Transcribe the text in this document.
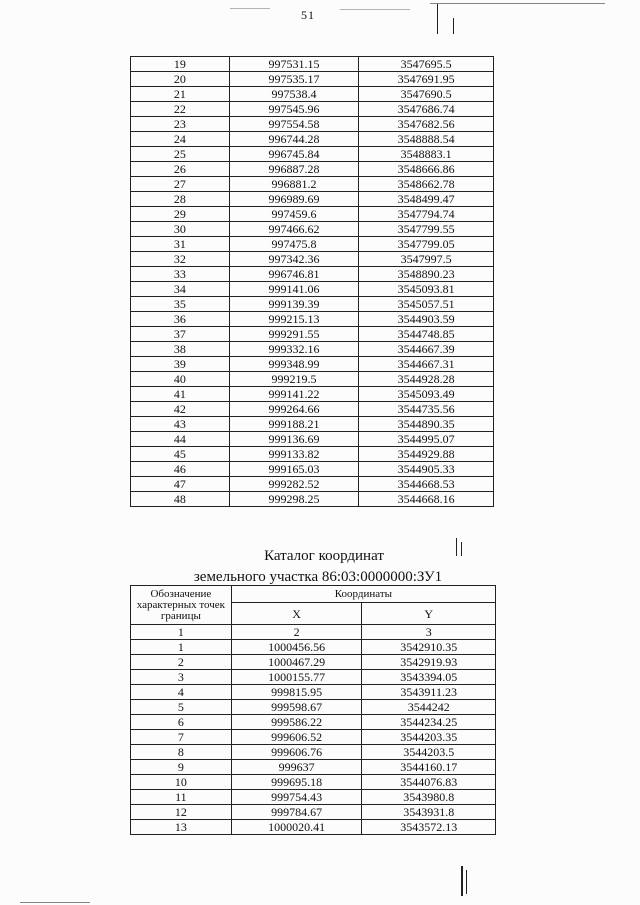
51
19	997531.15	3547695.5
20	997535.17	3547691.95
21	997538.4	3547690.5
22	997545.96	3547686.74
23	997554.58	3547682.56
24	996744.28	3548888.54
25	996745.84	3548883.1
26	996887.28	3548666.86
27	996881.2	3548662.78
28	996989.69	3548499.47
29	997459.6	3547794.74
30	997466.62	3547799.55
31	997475.8	3547799.05
32	997342.36	3547997.5
33	996746.81	3548890.23
34	999141.06	3545093.81
35	999139.39	3545057.51
36	999215.13	3544903.59
37	999291.55	3544748.85
38	999332.16	3544667.39
39	999348.99	3544667.31
40	999219.5	3544928.28
41	999141.22	3545093.49
42	999264.66	3544735.56
43	999188.21	3544890.35
44	999136.69	3544995.07
45	999133.82	3544929.88
46	999165.03	3544905.33
47	999282.52	3544668.53
48	999298.25	3544668.16
Каталог координат
земельного участка 86:03:0000000:ЗУ1
Обозначение характерных точек границы	Координаты	
	X	Y
1	2	3
1	1000456.56	3542910.35
2	1000467.29	3542919.93
3	1000155.77	3543394.05
4	999815.95	3543911.23
5	999598.67	3544242
6	999586.22	3544234.25
7	999606.52	3544203.35
8	999606.76	3544203.5
9	999637	3544160.17
10	999695.18	3544076.83
11	999754.43	3543980.8
12	999784.67	3543931.8
13	1000020.41	3543572.13
